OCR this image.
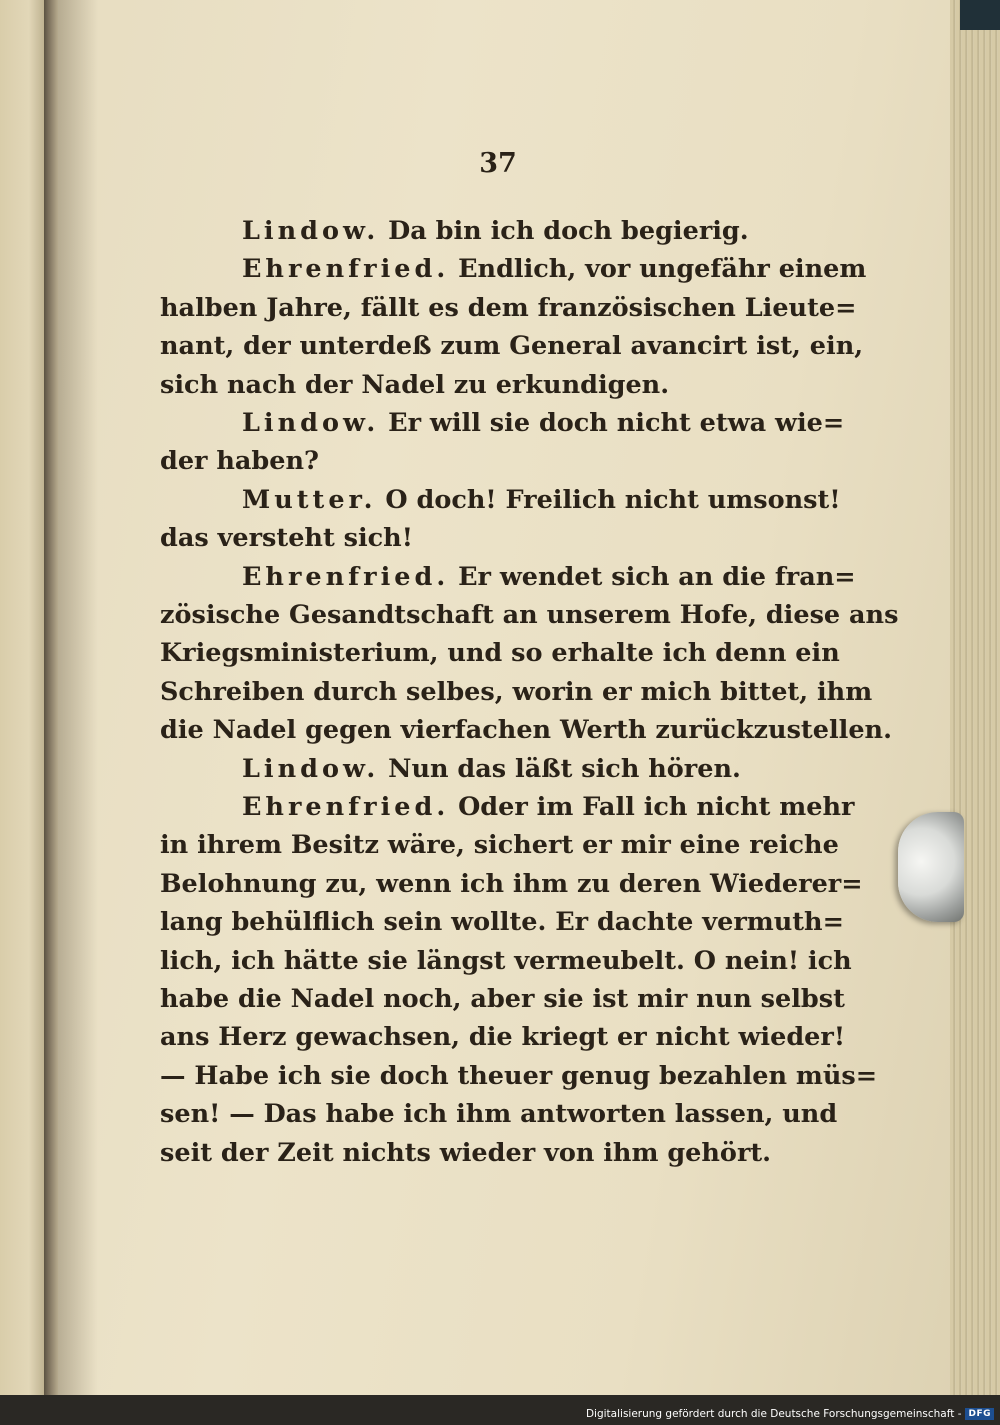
37
Lindow. Da bin ich doch begierig.
Ehrenfried. Endlich, vor ungefähr einem
halben Jahre, fällt es dem französischen Lieute=
nant, der unterdeß zum General avancirt ist, ein,
sich nach der Nadel zu erkundigen.
Lindow. Er will sie doch nicht etwa wie=
der haben?
Mutter. O doch! Freilich nicht umsonst!
das versteht sich!
Ehrenfried. Er wendet sich an die fran=
zösische Gesandtschaft an unserem Hofe, diese ans
Kriegsministerium, und so erhalte ich denn ein
Schreiben durch selbes, worin er mich bittet, ihm
die Nadel gegen vierfachen Werth zurückzustellen.
Lindow. Nun das läßt sich hören.
Ehrenfried. Oder im Fall ich nicht mehr
in ihrem Besitz wäre, sichert er mir eine reiche
Belohnung zu, wenn ich ihm zu deren Wiederer=
lang behülflich sein wollte. Er dachte vermuth=
lich, ich hätte sie längst vermeubelt. O nein! ich
habe die Nadel noch, aber sie ist mir nun selbst
ans Herz gewachsen, die kriegt er nicht wieder!
— Habe ich sie doch theuer genug bezahlen müs=
sen! — Das habe ich ihm antworten lassen, und
seit der Zeit nichts wieder von ihm gehört.
Digitalisierung gefördert durch die Deutsche Forschungsgemeinschaft - DFG
